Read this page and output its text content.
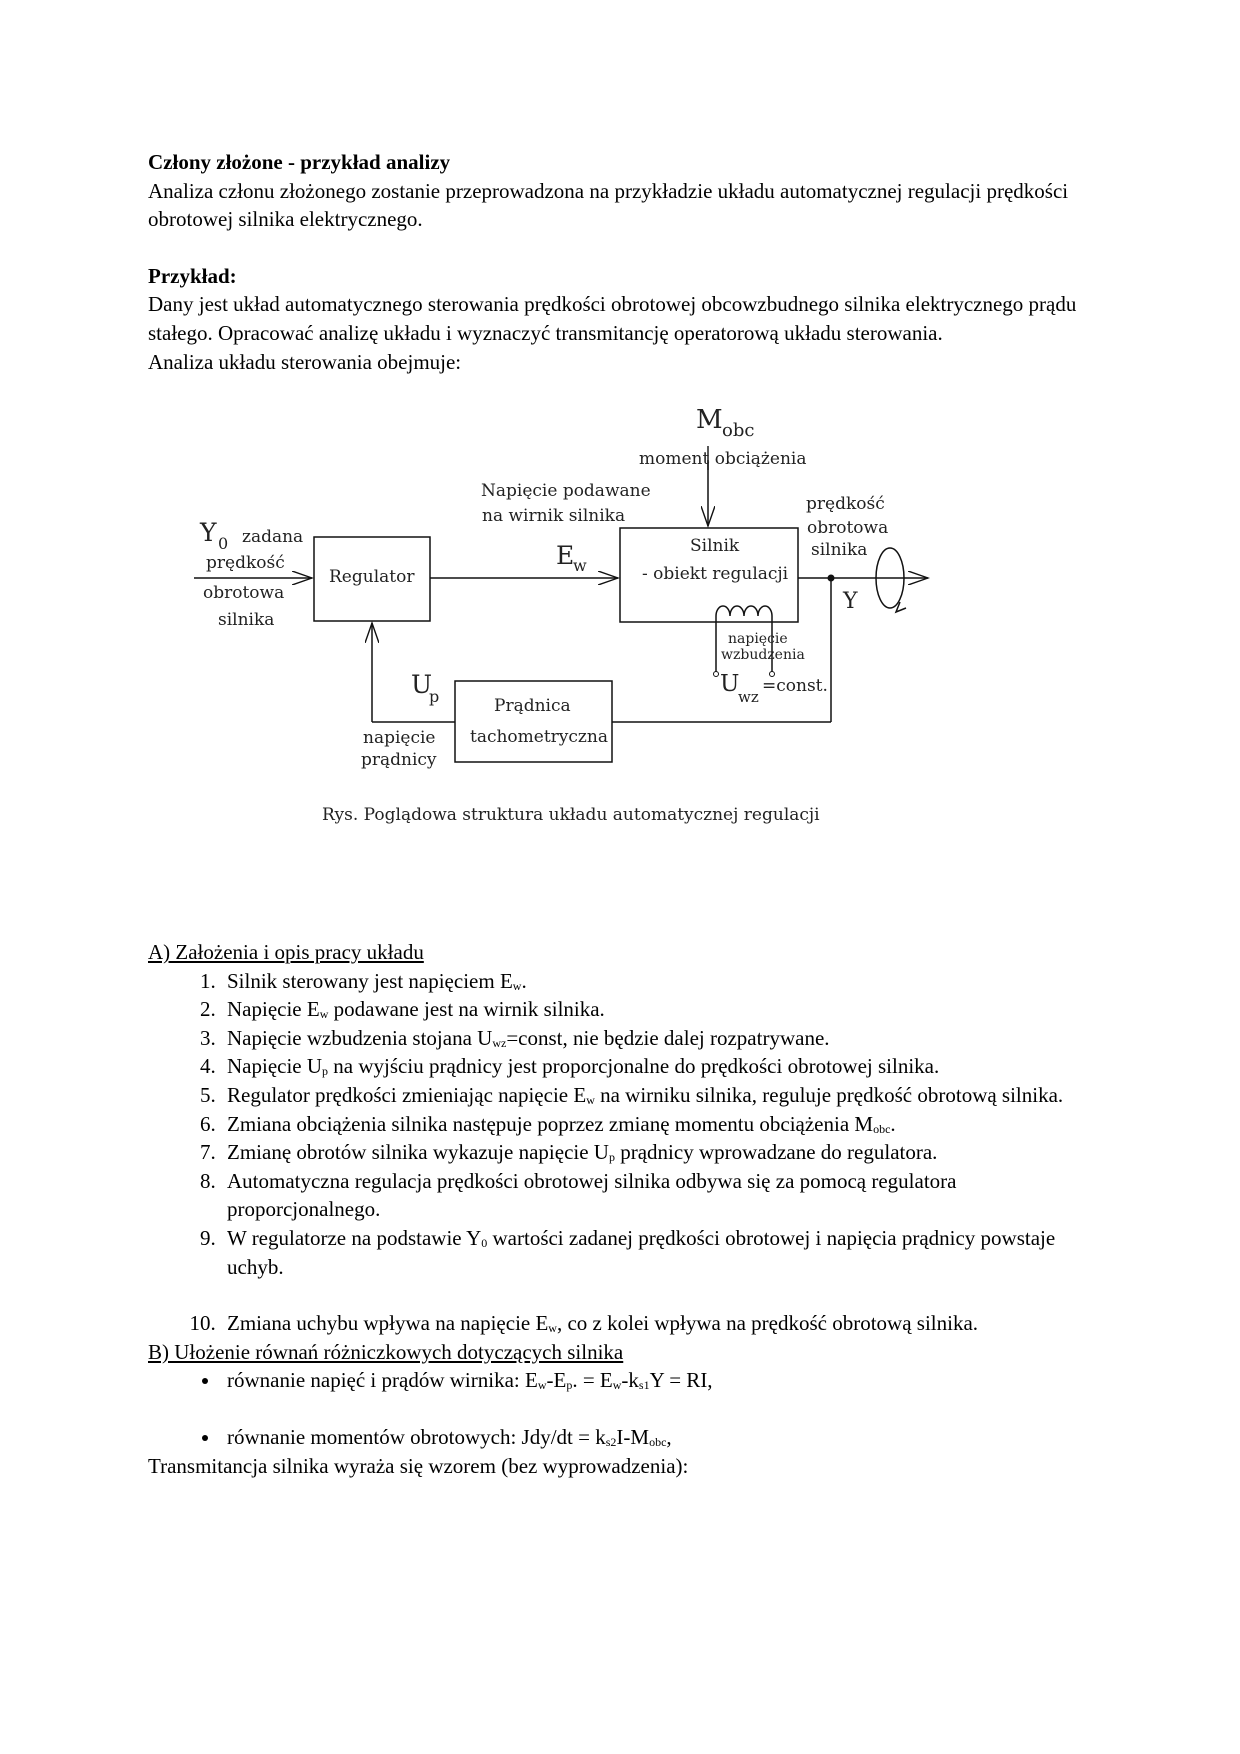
Człony złożone - przykład analizy

Analiza członu złożonego zostanie przeprowadzona na przykładzie układu automatycznej regulacji prędkości obrotowej silnika elektrycznego.

Przykład:

Dany jest układ automatycznego sterowania prędkości obrotowej obcowzbudnego silnika elektrycznego prądu stałego. Opracować analizę układu i wyznaczyć transmitancję operatorową układu sterowania.

Analiza układu sterowania obejmuje:

M obc
moment obciążenia
Napięcie podawane
na wirnik silnika
Y 0 zadana
prędkość
obrotowa
silnika
Regulator
E
w
Silnik
- obiekt regulacji
prędkość
obrotowa
silnika
Y
napięcie
wzbudzenia
U
wz
=const.
U
p	Prądnica
tachometryczna
napięcie
prądnicy
Rys. Poglądowa struktura układu automatycznej regulacji

A) Założenia i opis pracy układu

1. Silnik sterowany jest napięciem $E_w$.
2. Napięcie $E_w$ podawane jest na wirnik silnika.
3. Napięcie wzbudzenia stojana $U_{wz}=const$, nie będzie dalej rozpatrywane.
4. Napięcie $U_p$ na wyjściu prądnicy jest proporcjonalne do prędkości obrotowej silnika.
5. Regulator prędkości zmieniając napięcie $E_w$ na wirniku silnika, reguluje prędkość obrotową silnika.
6. Zmiana obciążenia silnika następuje poprzez zmianę momentu obciążenia $M_{obc}$.
7. Zmianę obrotów silnika wykazuje napięcie $U_p$ prądnicy wprowadzane do regulatora.
8. Automatyczna regulacja prędkości obrotowej silnika odbywa się za pomocą regulatora proporcjonalnego.
9. W regulatorze na podstawie $Y_0$ wartości zadanej prędkości obrotowej i napięcia prądnicy powstaje uchyb.
10. Zmiana uchybu wpływa na napięcie $E_w$, co z kolei wpływa na prędkość obrotową silnika.

B) Ułożenie równań różniczkowych dotyczących silnika

• równanie napięć i prądów wirnika: $E_w-E_p$. = $E_w-k_{s1}Y$ = RI,
• równanie momentów obrotowych: $Jdy/dt = k_{s2}I-M_{obc}$,

Transmitancja silnika wyraża się wzorem (bez wyprowadzenia):
